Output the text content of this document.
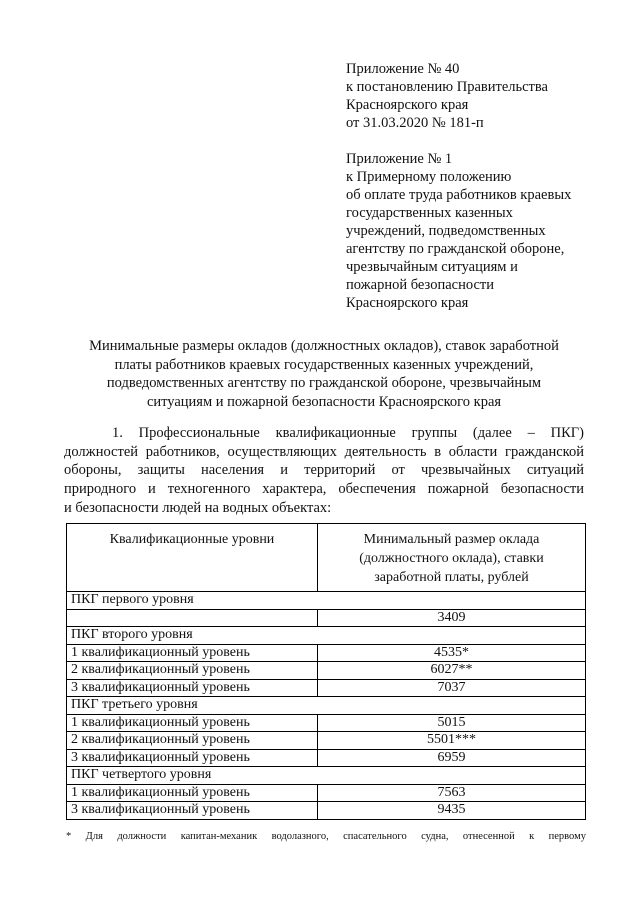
Приложение № 40
к постановлению Правительства
Красноярского края
от 31.03.2020 № 181-п
Приложение № 1
к Примерному положению
об оплате труда работников краевых
государственных казенных
учреждений, подведомственных
агентству по гражданской обороне,
чрезвычайным ситуациям и
пожарной безопасности
Красноярского края
Минимальные размеры окладов (должностных окладов), ставок заработной
платы работников краевых государственных казенных учреждений,
подведомственных агентству по гражданской обороне, чрезвычайным
ситуациям и пожарной безопасности Красноярского края
1. Профессиональные квалификационные группы (далее – ПКГ)
должностей работников, осуществляющих деятельность в области гражданской
обороны, защиты населения и территорий от чрезвычайных ситуаций
природного и техногенного характера, обеспечения пожарной безопасности
и безопасности людей на водных объектах:
Квалификационные уровни	Минимальный размер оклада (должностного оклада), ставки заработной платы, рублей
ПКГ первого уровня	
	3409
ПКГ второго уровня	
1 квалификационный уровень	4535*
2 квалификационный уровень	6027**
3 квалификационный уровень	7037
ПКГ третьего уровня	
1 квалификационный уровень	5015
2 квалификационный уровень	5501***
3 квалификационный уровень	6959
ПКГ четвертого уровня	
1 квалификационный уровень	7563
3 квалификационный уровень	9435
* Для должности капитан-механик водолазного, спасательного судна, отнесенной к первому
